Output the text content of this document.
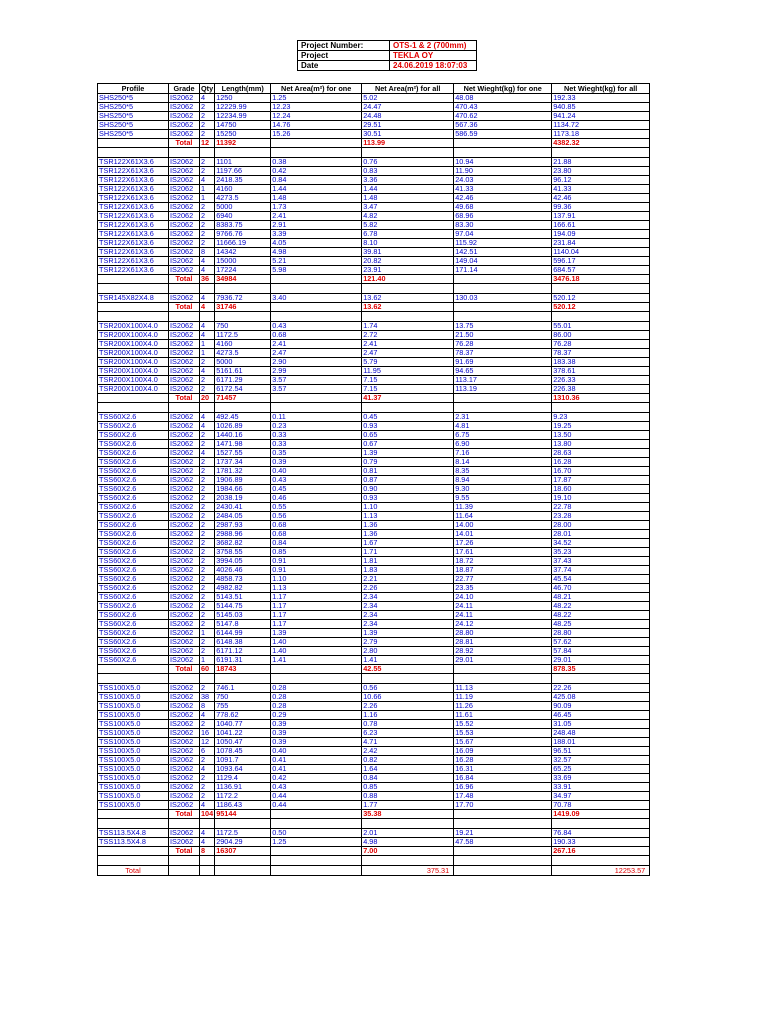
Project Number:	OTS-1 & 2 (700mm)
Project	TEKLA OY
Date	24.06.2019 18:07:03
Profile	Grade	Qty	Length(mm)	Net Area(m²) for one	Net Area(m²) for all	Net Wieght(kg) for one	Net Wieght(kg) for all
SHS250*5	IS2062	4	1250	1.25	5.02	48.08	192.33
SHS250*5	IS2062	2	12229.99	12.23	24.47	470.43	940.85
SHS250*5	IS2062	2	12234.99	12.24	24.48	470.62	941.24
SHS250*5	IS2062	2	14750	14.76	29.51	567.36	1134.72
SHS250*5	IS2062	2	15250	15.26	30.51	586.59	1173.18
	Total	12	11392		113.99		4382.32

TSR122X61X3.6	IS2062	2	1101	0.38	0.76	10.94	21.88
TSR122X61X3.6	IS2062	2	1197.66	0.42	0.83	11.90	23.80
TSR122X61X3.6	IS2062	4	2418.35	0.84	3.36	24.03	96.12
TSR122X61X3.6	IS2062	1	4160	1.44	1.44	41.33	41.33
TSR122X61X3.6	IS2062	1	4273.5	1.48	1.48	42.46	42.46
TSR122X61X3.6	IS2062	2	5000	1.73	3.47	49.68	99.36
TSR122X61X3.6	IS2062	2	6940	2.41	4.82	68.96	137.91
TSR122X61X3.6	IS2062	2	8383.75	2.91	5.82	83.30	166.61
TSR122X61X3.6	IS2062	2	9766.76	3.39	6.78	97.04	194.09
TSR122X61X3.6	IS2062	2	11666.19	4.05	8.10	115.92	231.84
TSR122X61X3.6	IS2062	8	14342	4.98	39.81	142.51	1140.04
TSR122X61X3.6	IS2062	4	15000	5.21	20.82	149.04	596.17
TSR122X61X3.6	IS2062	4	17224	5.98	23.91	171.14	684.57
	Total	36	34984		121.40		3476.18

TSR145X82X4.8	IS2062	4	7936.72	3.40	13.62	130.03	520.12
	Total	4	31746		13.62		520.12

TSR200X100X4.0	IS2062	4	750	0.43	1.74	13.75	55.01
TSR200X100X4.0	IS2062	4	1172.5	0.68	2.72	21.50	86.00
TSR200X100X4.0	IS2062	1	4160	2.41	2.41	76.28	76.28
TSR200X100X4.0	IS2062	1	4273.5	2.47	2.47	78.37	78.37
TSR200X100X4.0	IS2062	2	5000	2.90	5.79	91.69	183.38
TSR200X100X4.0	IS2062	4	5161.61	2.99	11.95	94.65	378.61
TSR200X100X4.0	IS2062	2	6171.29	3.57	7.15	113.17	226.33
TSR200X100X4.0	IS2062	2	6172.54	3.57	7.15	113.19	226.38
	Total	20	71457		41.37		1310.36

TSS60X2.6	IS2062	4	492.45	0.11	0.45	2.31	9.23
TSS60X2.6	IS2062	4	1026.89	0.23	0.93	4.81	19.25
TSS60X2.6	IS2062	2	1440.16	0.33	0.65	6.75	13.50
TSS60X2.6	IS2062	2	1471.98	0.33	0.67	6.90	13.80
TSS60X2.6	IS2062	4	1527.55	0.35	1.39	7.16	28.63
TSS60X2.6	IS2062	2	1737.34	0.39	0.79	8.14	16.28
TSS60X2.6	IS2062	2	1781.32	0.40	0.81	8.35	16.70
TSS60X2.6	IS2062	2	1906.89	0.43	0.87	8.94	17.87
TSS60X2.6	IS2062	2	1984.66	0.45	0.90	9.30	18.60
TSS60X2.6	IS2062	2	2038.19	0.46	0.93	9.55	19.10
TSS60X2.6	IS2062	2	2430.41	0.55	1.10	11.39	22.78
TSS60X2.6	IS2062	2	2484.05	0.56	1.13	11.64	23.28
TSS60X2.6	IS2062	2	2987.93	0.68	1.36	14.00	28.00
TSS60X2.6	IS2062	2	2988.96	0.68	1.36	14.01	28.01
TSS60X2.6	IS2062	2	3682.82	0.84	1.67	17.26	34.52
TSS60X2.6	IS2062	2	3758.55	0.85	1.71	17.61	35.23
TSS60X2.6	IS2062	2	3994.05	0.91	1.81	18.72	37.43
TSS60X2.6	IS2062	2	4026.46	0.91	1.83	18.87	37.74
TSS60X2.6	IS2062	2	4858.73	1.10	2.21	22.77	45.54
TSS60X2.6	IS2062	2	4982.82	1.13	2.26	23.35	46.70
TSS60X2.6	IS2062	2	5143.51	1.17	2.34	24.10	48.21
TSS60X2.6	IS2062	2	5144.75	1.17	2.34	24.11	48.22
TSS60X2.6	IS2062	2	5145.03	1.17	2.34	24.11	48.22
TSS60X2.6	IS2062	2	5147.8	1.17	2.34	24.12	48.25
TSS60X2.6	IS2062	1	6144.99	1.39	1.39	28.80	28.80
TSS60X2.6	IS2062	2	6148.38	1.40	2.79	28.81	57.62
TSS60X2.6	IS2062	2	6171.12	1.40	2.80	28.92	57.84
TSS60X2.6	IS2062	1	6191.31	1.41	1.41	29.01	29.01
	Total	60	18743		42.55		878.35

TSS100X5.0	IS2062	2	746.1	0.28	0.56	11.13	22.26
TSS100X5.0	IS2062	38	750	0.28	10.66	11.19	425.08
TSS100X5.0	IS2062	8	755	0.28	2.26	11.26	90.09
TSS100X5.0	IS2062	4	778.62	0.29	1.16	11.61	46.45
TSS100X5.0	IS2062	2	1040.77	0.39	0.78	15.52	31.05
TSS100X5.0	IS2062	16	1041.22	0.39	6.23	15.53	248.48
TSS100X5.0	IS2062	12	1050.47	0.39	4.71	15.67	188.01
TSS100X5.0	IS2062	6	1078.45	0.40	2.42	16.09	96.51
TSS100X5.0	IS2062	2	1091.7	0.41	0.82	16.28	32.57
TSS100X5.0	IS2062	4	1093.64	0.41	1.64	16.31	65.25
TSS100X5.0	IS2062	2	1129.4	0.42	0.84	16.84	33.69
TSS100X5.0	IS2062	2	1136.91	0.43	0.85	16.96	33.91
TSS100X5.0	IS2062	2	1172.2	0.44	0.88	17.48	34.97
TSS100X5.0	IS2062	4	1186.43	0.44	1.77	17.70	70.78
	Total	104	95144		35.38		1419.09

TSS113.5X4.8	IS2062	4	1172.5	0.50	2.01	19.21	76.84
TSS113.5X4.8	IS2062	4	2904.29	1.25	4.98	47.58	190.33
	Total	8	16307		7.00		267.16

Total					375.31		12253.57
